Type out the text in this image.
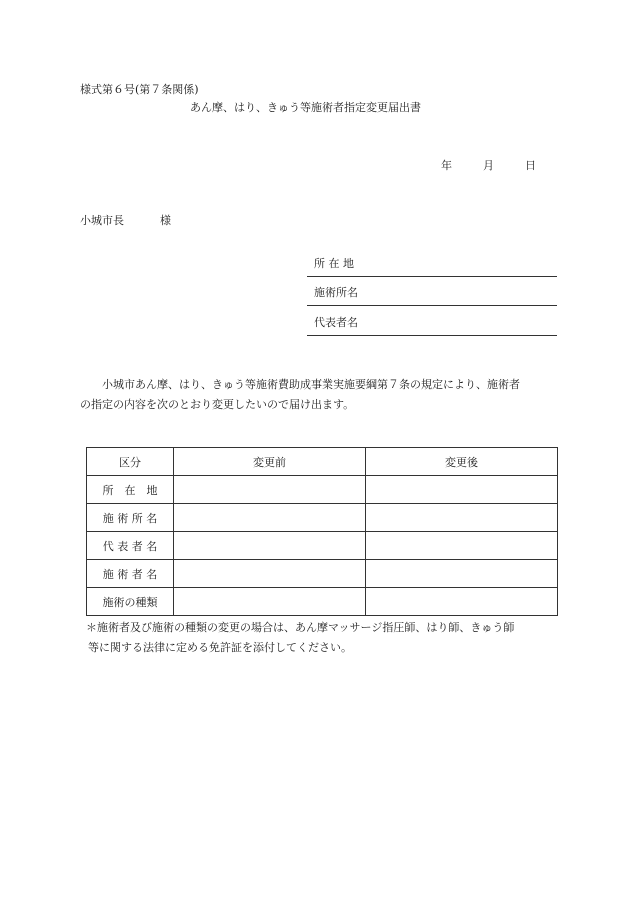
様式第６号(第７条関係)
あん摩、はり、きゅう等施術者指定変更届出書
年	月	日
小城市長	様
所 在 地
施術所名
代表者名
小城市あん摩、はり、きゅう等施術費助成事業実施要綱第７条の規定により、施術者
の指定の内容を次のとおり変更したいので届け出ます。
区分	変更前	変更後
所　在　地		
施 術 所 名		
代 表 者 名		
施 術 者 名		
施術の種類		
＊施術者及び施術の種類の変更の場合は、あん摩マッサージ指圧師、はり師、きゅう師
等に関する法律に定める免許証を添付してください。
